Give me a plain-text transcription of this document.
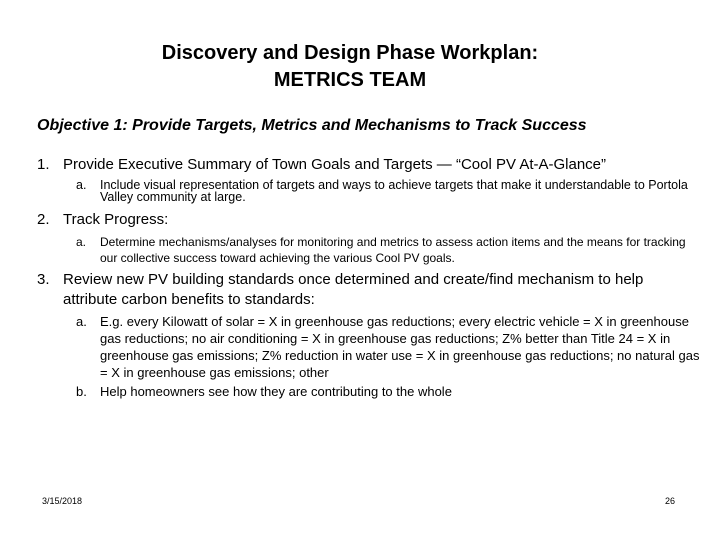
Discovery and Design Phase Workplan:
METRICS TEAM
Objective 1: Provide Targets, Metrics and Mechanisms to Track Success
1. Provide Executive Summary of Town Goals and Targets — “Cool PV At-A-Glance”
a. Include visual representation of targets and ways to achieve targets that make it understandable to Portola Valley community at large.
2. Track Progress:
a. Determine mechanisms/analyses for monitoring and metrics to assess action items and the means for tracking our collective success toward achieving the various Cool PV goals.
3. Review new PV building standards once determined and create/find mechanism to help attribute carbon benefits to standards:
a. E.g. every Kilowatt of solar = X in greenhouse gas reductions; every electric vehicle = X in greenhouse gas reductions; no air conditioning = X in greenhouse gas reductions; Z% better than Title 24 = X in greenhouse gas emissions; Z% reduction in water use = X in greenhouse gas reductions; no natural gas = X in greenhouse gas emissions; other
b. Help homeowners see how they are contributing to the whole
3/15/2018	26
